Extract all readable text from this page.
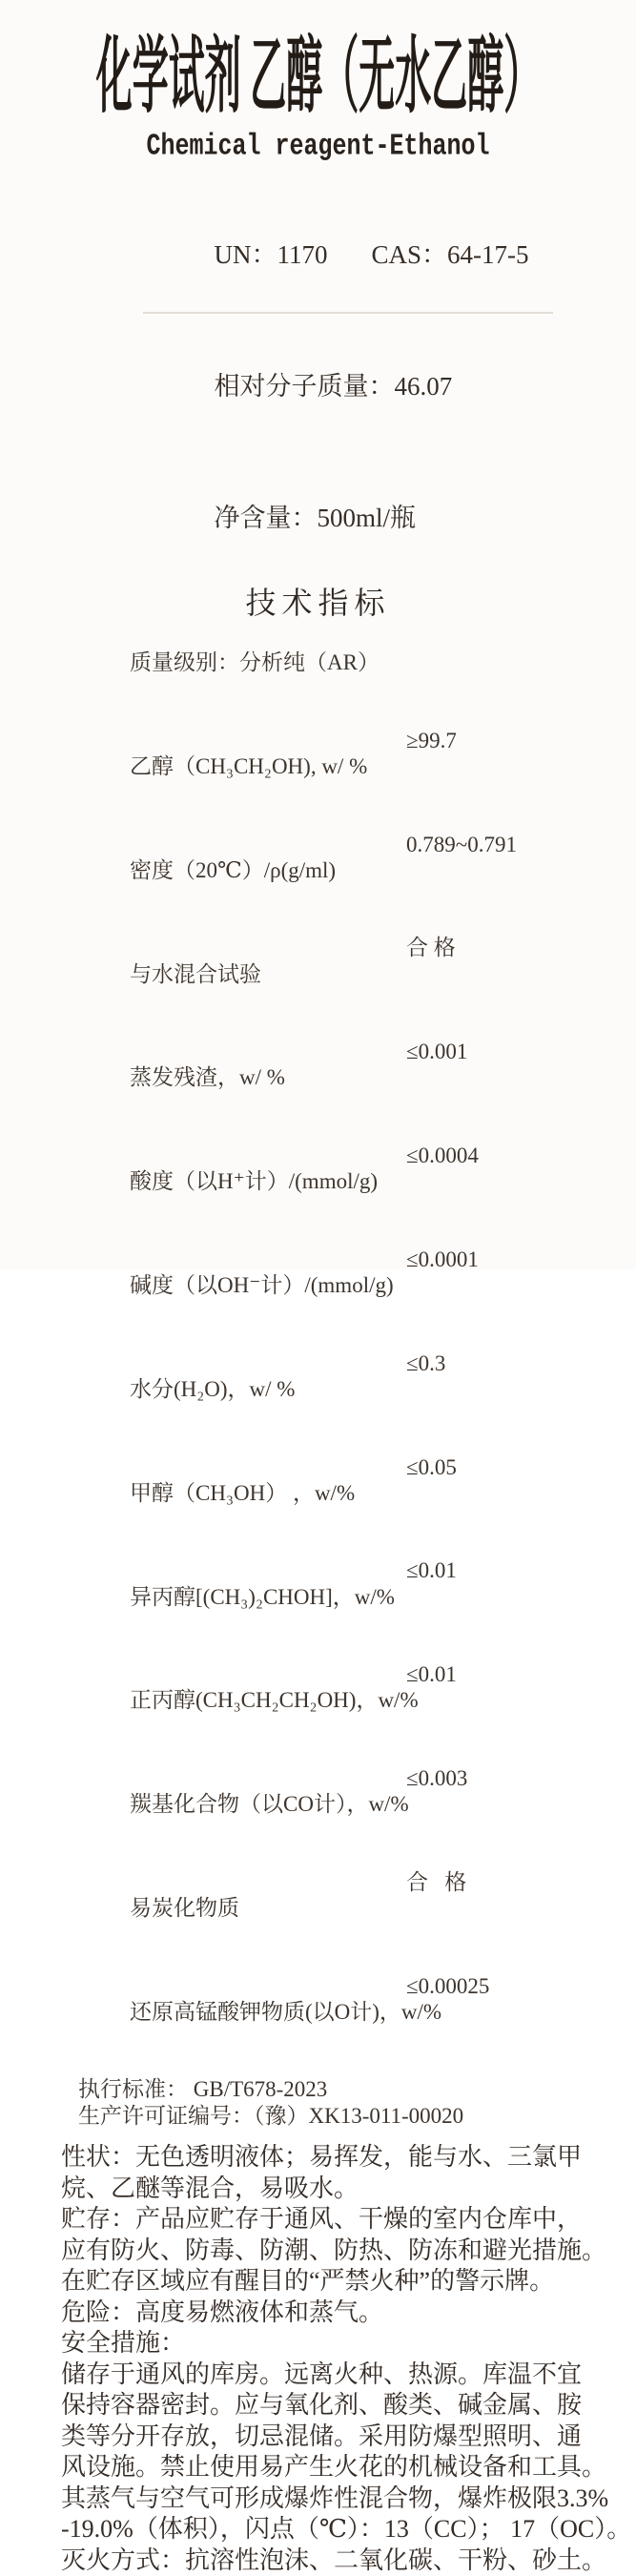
化学试剂 乙醇（无水乙醇）
Chemical reagent-Ethanol

UN：1170 CAS：64-17-5

相对分子质量：46.07

净含量：500ml/瓶

技术指标

质量级别：分析纯（AR）

乙醇（CH₃CH₂OH), w/ %

≥99.7

密度（20℃）/ρ(g/ml)

0.789~0.791

与水混合试验

合 格

蒸发残渣，w/ %

≤0.001

酸度（以H⁺计）/(mmol/g)

≤0.0004

碱度（以OH⁻计）/(mmol/g)

≤0.0001

水分(H₂O)，w/ %

≤0.3

甲醇（CH₃OH） ，w/%

≤0.05

异丙醇[(CH₃)₂CHOH]，w/%

≤0.01

正丙醇(CH₃CH₂CH₂OH)，w/%

≤0.01

羰基化合物（以CO计），w/%

≤0.003

易炭化物质

合   格

还原高锰酸钾物质(以O计)，w/%

≤0.00025

执行标准： GB/T678-2023
生产许可证编号：（豫）XK13-011-00020
性状：无色透明液体；易挥发，能与水、三氯甲
烷、乙醚等混合，易吸水。
贮存：产品应贮存于通风、干燥的室内仓库中，
应有防火、防毒、防潮、防热、防冻和避光措施。
在贮存区域应有醒目的“严禁火种”的警示牌。
危险：高度易燃液体和蒸气。
安全措施：
储存于通风的库房。远离火种、热源。库温不宜
保持容器密封。应与氧化剂、酸类、碱金属、胺
类等分开存放，切忌混储。采用防爆型照明、通
风设施。禁止使用易产生火花的机械设备和工具。
其蒸气与空气可形成爆炸性混合物，爆炸极限3.3%
-19.0%（体积），闪点（℃）：13（CC）； 17（OC）。
灭火方式：抗溶性泡沫、二氧化碳、干粉、砂土。
